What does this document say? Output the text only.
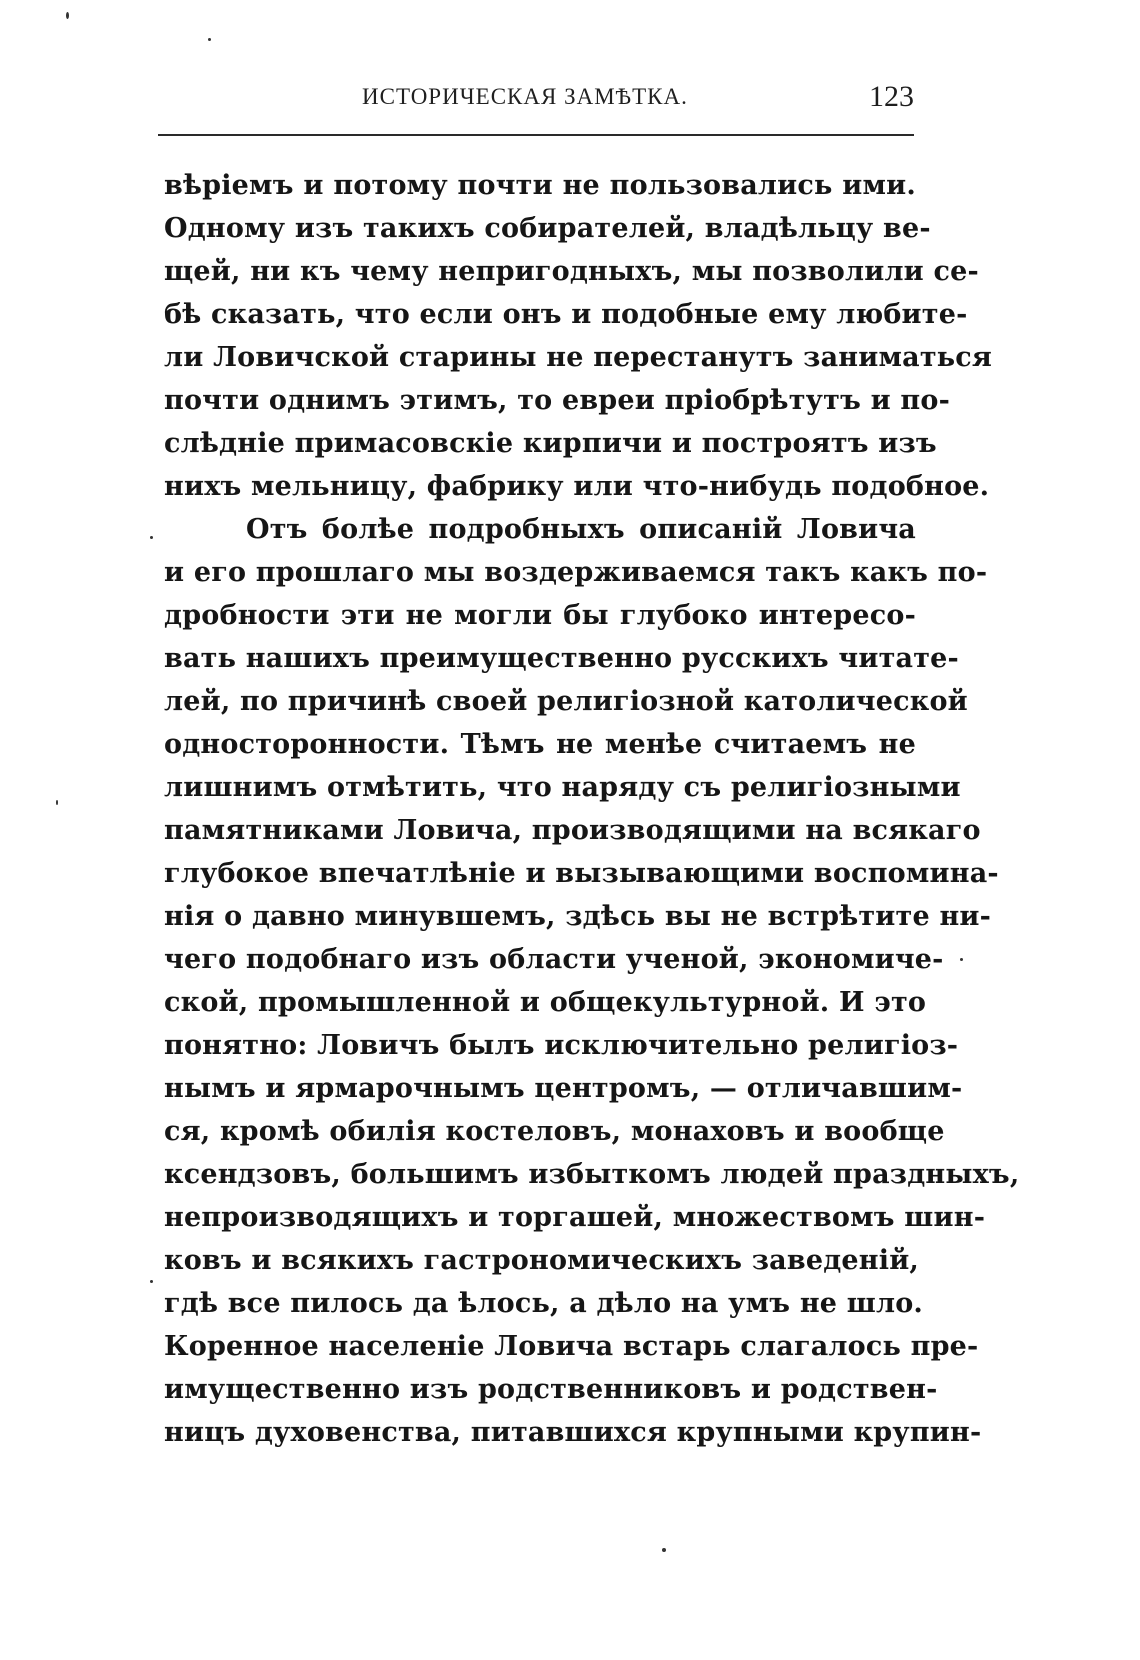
ИСТОРИЧЕСКАЯ ЗАМѢТКА.	123
вѣріемъ и потому почти не пользовались ими.
Одному изъ такихъ собирателей, владѣльцу ве-
щей, ни къ чему непригодныхъ, мы позволили се-
бѣ сказать, что если онъ и подобные ему любите-
ли Ловичской старины не перестанутъ заниматься
почти однимъ этимъ, то евреи пріобрѣтутъ и по-
слѣдніе примасовскіе кирпичи и построятъ изъ
нихъ мельницу, фабрику или что-нибудь подобное.
Отъ болѣе подробныхъ описаній Ловича
и его прошлаго мы воздерживаемся такъ какъ по-
дробности эти не могли бы глубоко интересо-
вать нашихъ преимущественно русскихъ читате-
лей, по причинѣ своей религіозной католической
односторонности. Тѣмъ не менѣе считаемъ не
лишнимъ отмѣтить, что наряду съ религіозными
памятниками Ловича, производящими на всякаго
глубокое впечатлѣніе и вызывающими воспомина-
нія о давно минувшемъ, здѣсь вы не встрѣтите ни-
чего подобнаго изъ области ученой, экономиче-
ской, промышленной и общекультурной. И это
понятно: Ловичъ былъ исключительно религіоз-
нымъ и ярмарочнымъ центромъ, — отличавшим-
ся, кромѣ обилія костеловъ, монаховъ и вообще
ксендзовъ, большимъ избыткомъ людей праздныхъ,
непроизводящихъ и торгашей, множествомъ шин-
ковъ и всякихъ гастрономическихъ заведеній,
гдѣ все пилось да ѣлось, а дѣло на умъ не шло.
Коренное населеніе Ловича встарь слагалось пре-
имущественно изъ родственниковъ и родствен-
ницъ духовенства, питавшихся крупными крупин-
